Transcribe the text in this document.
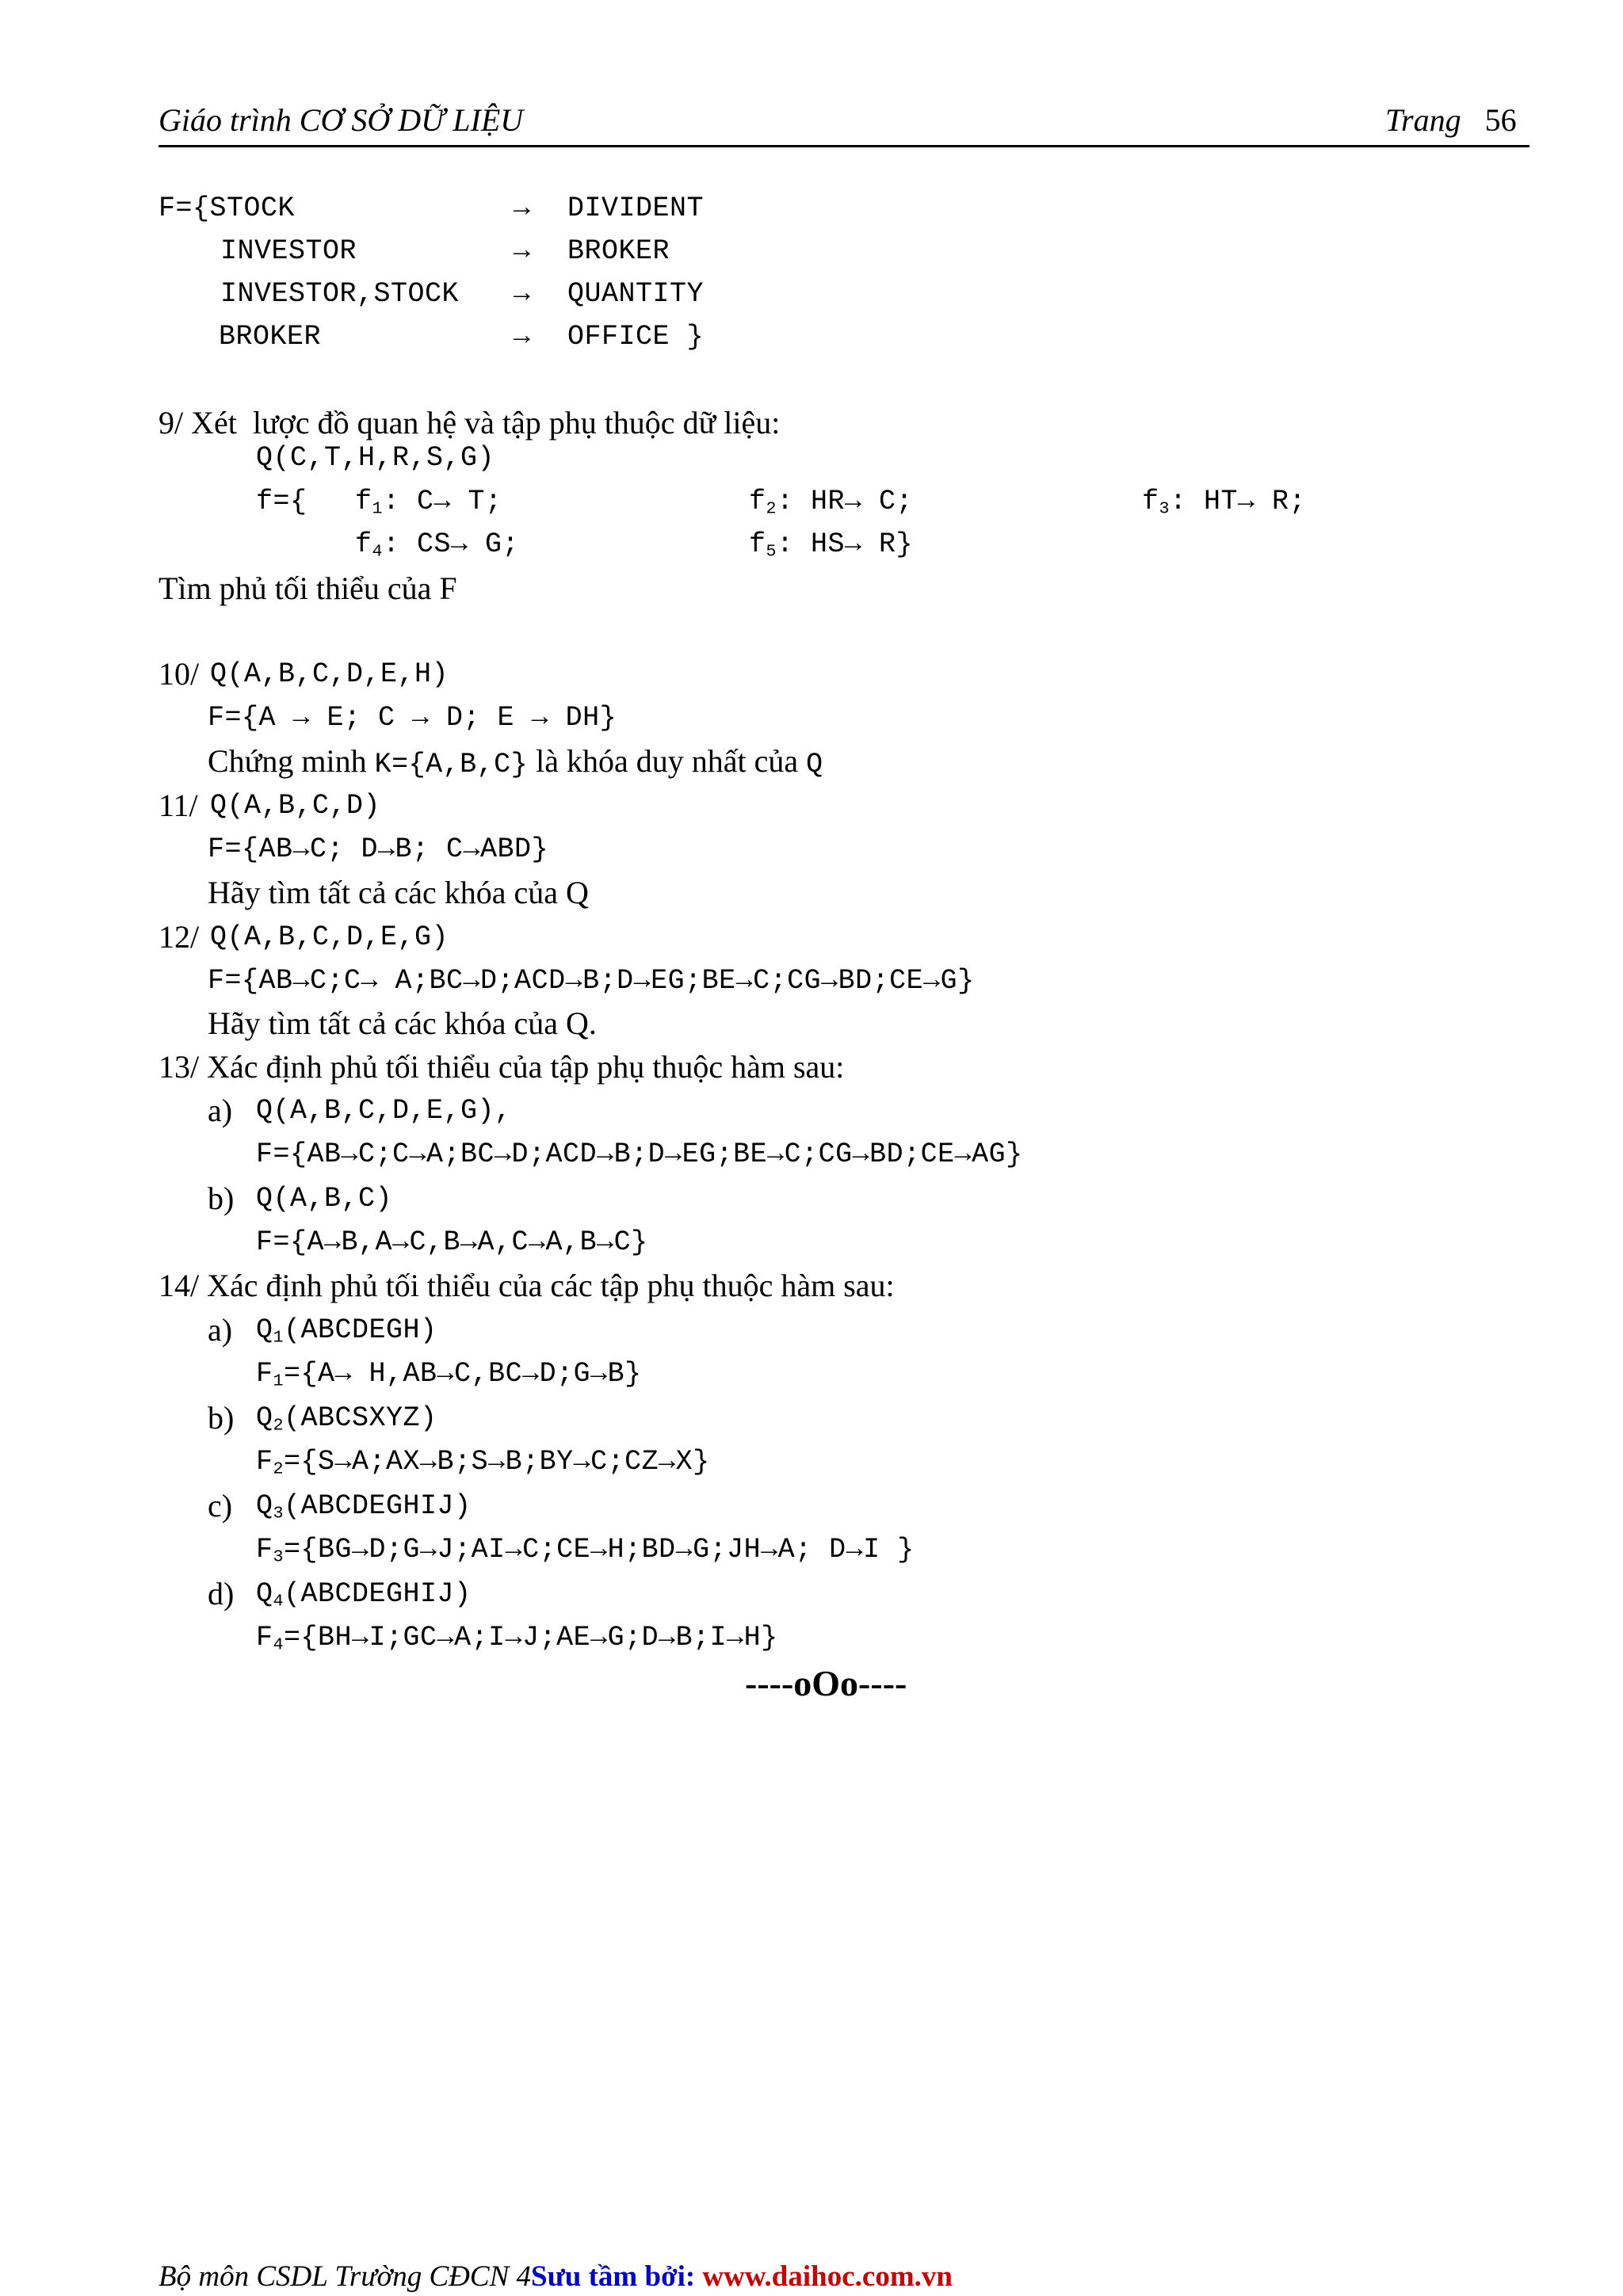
Giáo trình CƠ SỞ DỮ LIỆU	Trang 56
F={STOCK	→ DIVIDENT
INVESTOR	→ BROKER
INVESTOR,STOCK → QUANTITY
BROKER	→ OFFICE }
9/ Xét  lược đồ quan hệ và tập phụ thuộc dữ liệu:
Q(C,T,H,R,S,G)
f={ $f_1$: C→ T;	$f_2$: HR→ C;	$f_3$: HT→ R;
$f_4$: CS→ G;	$f_5$: HS→ R}
Tìm phủ tối thiểu của F
10/ Q(A,B,C,D,E,H)
F={A → E; C → D; E → DH}
Chứng minh K={A,B,C} là khóa duy nhất của Q
11/ Q(A,B,C,D)
F={AB→C; D→B; C→ABD}
Hãy tìm tất cả các khóa của Q
12/ Q(A,B,C,D,E,G)
F={AB→C;C→ A;BC→D;ACD→B;D→EG;BE→C;CG→BD;CE→G}
Hãy tìm tất cả các khóa của Q.
13/ Xác định phủ tối thiểu của tập phụ thuộc hàm sau:
a) Q(A,B,C,D,E,G),
F={AB→C;C→A;BC→D;ACD→B;D→EG;BE→C;CG→BD;CE→AG}
b) Q(A,B,C)
F={A→B,A→C,B→A,C→A,B→C}
14/ Xác định phủ tối thiểu của các tập phụ thuộc hàm sau:
a) $Q_1(ABCDEGH)$
$F_1=\{A\to$ H,AB→C,BC→D;G→B}
b) $Q_2(ABCSXYZ)$
$F_2=\{S\to A;AX\to B;S\to B;BY\to C;CZ\to X\}$
c) $Q_3(ABCDEGHIJ)$
$F_3=\{BG\to D;G\to J;AI\to C;CE\to H;BD\to G;JH\to A$; D→I }
d) $Q_4(ABCDEGHIJ)$
$F_4=\{BH\to I;GC\to A;I\to J;AE\to G;D\to B;I\to H\}$
----oOo----
Bộ môn CSDL Trường CĐCN 4Sưu tầm bởi: www.daihoc.com.vn
